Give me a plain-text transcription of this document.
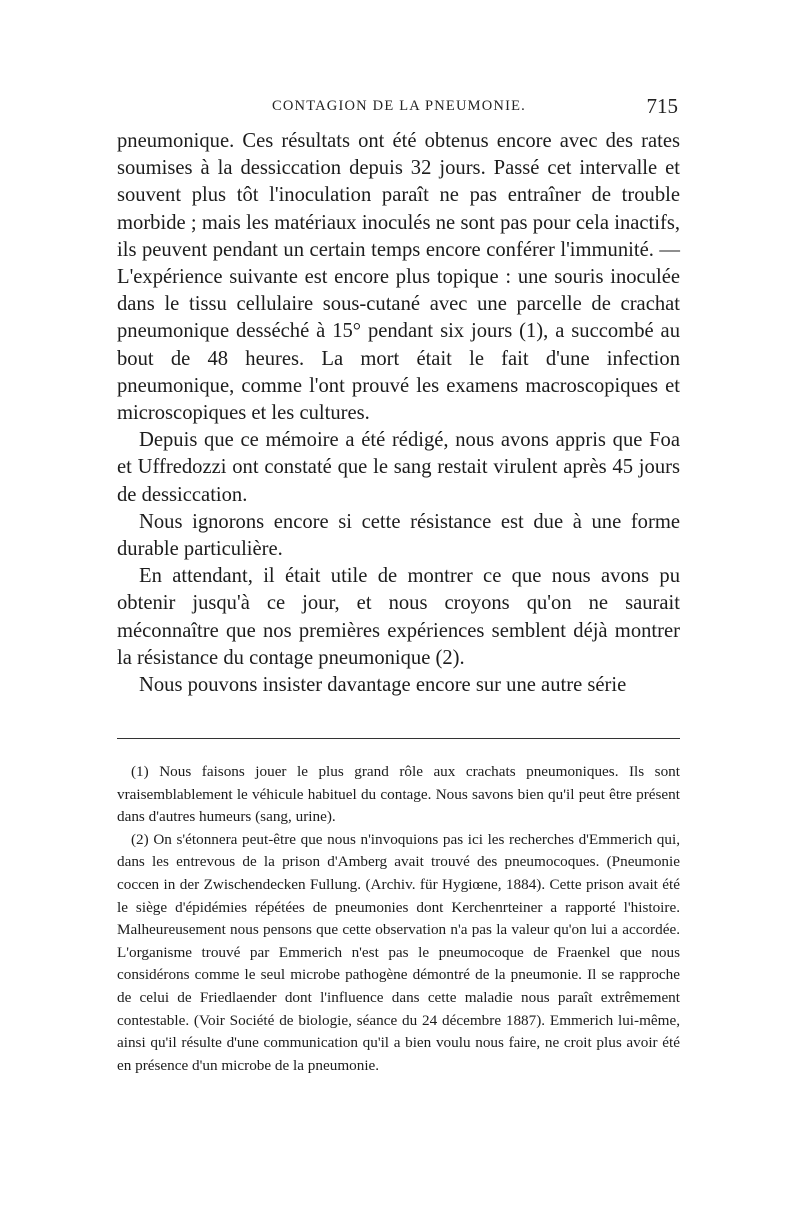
CONTAGION DE LA PNEUMONIE.	715

pneumonique. Ces résultats ont été obtenus encore avec des rates soumises à la dessiccation depuis 32 jours. Passé cet intervalle et souvent plus tôt l'inoculation paraît ne pas entraîner de trouble morbide ; mais les matériaux inoculés ne sont pas pour cela inactifs, ils peuvent pendant un certain temps encore conférer l'immunité. — L'expérience suivante est encore plus topique : une souris inoculée dans le tissu cellulaire sous-cutané avec une parcelle de crachat pneumonique desséché à 15° pendant six jours (1), a succombé au bout de 48 heures. La mort était le fait d'une infection pneumonique, comme l'ont prouvé les examens macroscopiques et microscopiques et les cultures.

Depuis que ce mémoire a été rédigé, nous avons appris que Foa et Uffredozzi ont constaté que le sang restait virulent après 45 jours de dessiccation.

Nous ignorons encore si cette résistance est due à une forme durable particulière.

En attendant, il était utile de montrer ce que nous avons pu obtenir jusqu'à ce jour, et nous croyons qu'on ne saurait méconnaître que nos premières expériences semblent déjà montrer la résistance du contage pneumonique (2).

Nous pouvons insister davantage encore sur une autre série

(1) Nous faisons jouer le plus grand rôle aux crachats pneumoniques. Ils sont vraisemblablement le véhicule habituel du contage. Nous savons bien qu'il peut être présent dans d'autres humeurs (sang, urine).

(2) On s'étonnera peut-être que nous n'invoquions pas ici les recherches d'Emmerich qui, dans les entrevous de la prison d'Amberg avait trouvé des pneumocoques. (Pneumonie coccen in der Zwischendecken Fullung. (Archiv. für Hygiœne, 1884). Cette prison avait été le siège d'épidémies répétées de pneumonies dont Kerchenrteiner a rapporté l'histoire. Malheureusement nous pensons que cette observation n'a pas la valeur qu'on lui a accordée. L'organisme trouvé par Emmerich n'est pas le pneumocoque de Fraenkel que nous considérons comme le seul microbe pathogène démontré de la pneumonie. Il se rapproche de celui de Friedlaender dont l'influence dans cette maladie nous paraît extrêmement contestable. (Voir Société de biologie, séance du 24 décembre 1887). Emmerich lui-même, ainsi qu'il résulte d'une communication qu'il a bien voulu nous faire, ne croit plus avoir été en présence d'un microbe de la pneumonie.
